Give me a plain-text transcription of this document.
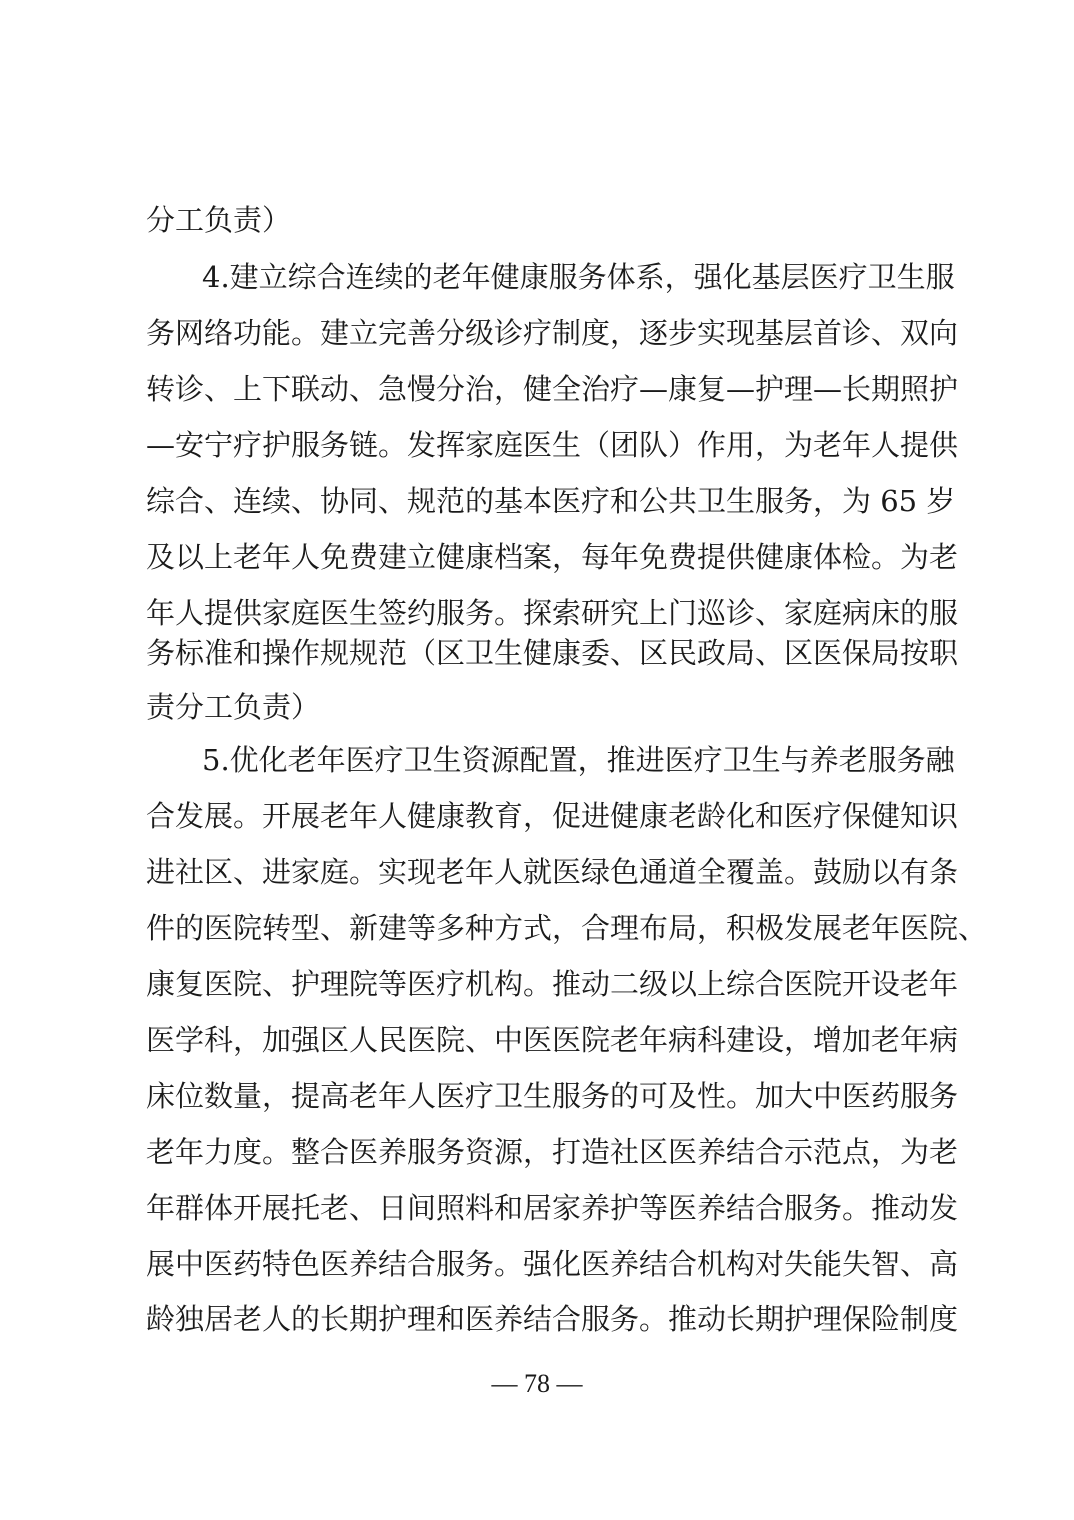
分工负责）
4.建立综合连续的老年健康服务体系，强化基层医疗卫生服
务网络功能。建立完善分级诊疗制度，逐步实现基层首诊、双向
转诊、上下联动、急慢分治，健全治疗—康复—护理—长期照护
—安宁疗护服务链。发挥家庭医生（团队）作用，为老年人提供
综合、连续、协同、规范的基本医疗和公共卫生服务，为 65 岁
及以上老年人免费建立健康档案，每年免费提供健康体检。为老
年人提供家庭医生签约服务。探索研究上门巡诊、家庭病床的服
务标准和操作规规范（区卫生健康委、区民政局、区医保局按职
责分工负责）
5.优化老年医疗卫生资源配置，推进医疗卫生与养老服务融
合发展。开展老年人健康教育，促进健康老龄化和医疗保健知识
进社区、进家庭。实现老年人就医绿色通道全覆盖。鼓励以有条
件的医院转型、新建等多种方式，合理布局，积极发展老年医院、
康复医院、护理院等医疗机构。推动二级以上综合医院开设老年
医学科，加强区人民医院、中医医院老年病科建设，增加老年病
床位数量，提高老年人医疗卫生服务的可及性。加大中医药服务
老年力度。整合医养服务资源，打造社区医养结合示范点，为老
年群体开展托老、日间照料和居家养护等医养结合服务。推动发
展中医药特色医养结合服务。强化医养结合机构对失能失智、高
龄独居老人的长期护理和医养结合服务。推动长期护理保险制度
— 78 —
